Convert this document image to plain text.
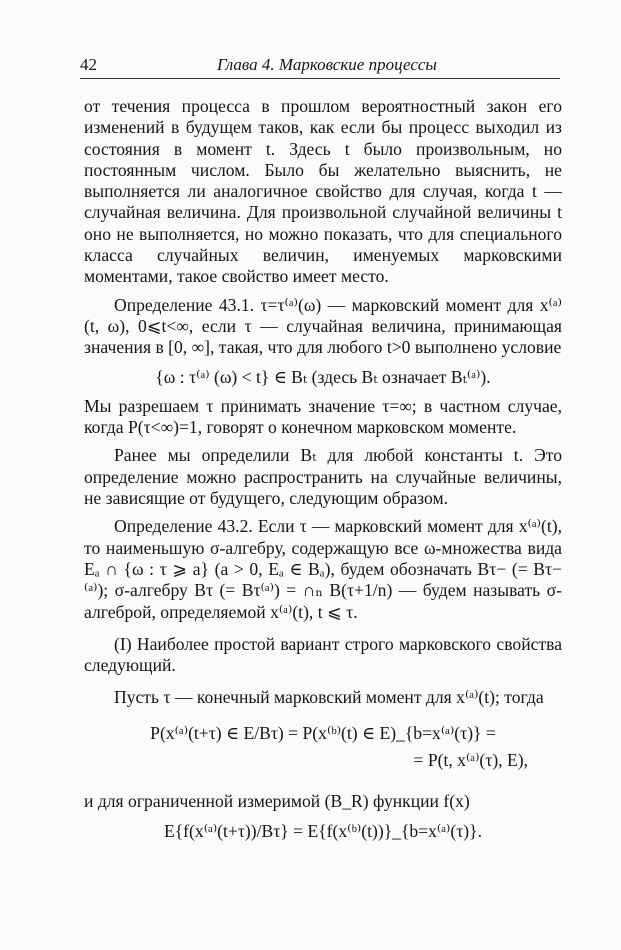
42	Глава 4. Марковские процессы

от течения процесса в прошлом вероятностный закон его изменений в будущем таков, как если бы процесс выходил из состояния в момент t. Здесь t было произвольным, но постоянным числом. Было бы желательно выяснить, не выполняется ли аналогичное свойство для случая, когда t — случайная величина. Для произвольной случайной величины t оно не выполняется, но можно показать, что для специального класса случайных величин, именуемых марковскими моментами, такое свойство имеет место.

Определение 43.1. τ=τ⁽ᵃ⁾(ω) — марковский момент для x⁽ᵃ⁾ (t, ω), 0⩽t<∞, если τ — случайная величина, принимающая значения в [0, ∞], такая, что для любого t>0 выполнено условие

{ω : τ⁽ᵃ⁾ (ω) < t} ∈ Bₜ (здесь Bₜ означает Bₜ⁽ᵃ⁾).

Мы разрешаем τ принимать значение τ=∞; в частном случае, когда P(τ<∞)=1, говорят о конечном марковском моменте.

Ранее мы определили Bₜ для любой константы t. Это определение можно распространить на случайные величины, не зависящие от будущего, следующим образом.

Определение 43.2. Если τ — марковский момент для x⁽ᵃ⁾(t), то наименьшую σ-алгебру, содержащую все ω-множества вида Eₐ ∩ {ω : τ ⩾ a} (a > 0, Eₐ ∈ Bₐ), будем обозначать Bτ− (= Bτ−⁽ᵃ⁾); σ-алгебру Bτ (= Bτ⁽ᵃ⁾) = ∩ₙ B(τ+1/n) — будем называть σ-алгеброй, определяемой x⁽ᵃ⁾(t), t ⩽ τ.

(I) Наиболее простой вариант строго марковского свойства следующий.

Пусть τ — конечный марковский момент для x⁽ᵃ⁾(t); тогда

P(x⁽ᵃ⁾(t+τ) ∈ E/Bτ) = P(x⁽ᵇ⁾(t) ∈ E)_{b=x⁽ᵃ⁾(τ)} =
= P(t, x⁽ᵃ⁾(τ), E),

и для ограниченной измеримой (B_R) функции f(x)

E{f(x⁽ᵃ⁾(t+τ))/Bτ} = E{f(x⁽ᵇ⁾(t))}_{b=x⁽ᵃ⁾(τ)}.
